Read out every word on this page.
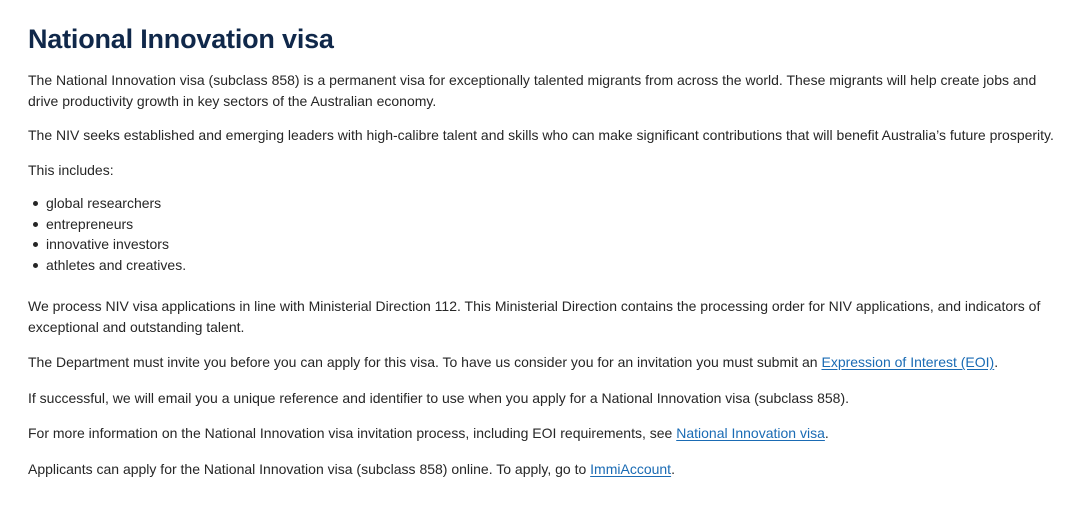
National Innovation visa

The National Innovation visa (subclass 858) is a permanent visa for exceptionally talented migrants from across the world. These migrants will help create jobs and drive productivity growth in key sectors of the Australian economy.

The NIV seeks established and emerging leaders with high-calibre talent and skills who can make significant contributions that will benefit Australia’s future prosperity.

This includes:

global researchers
entrepreneurs
innovative investors
athletes and creatives.

We process NIV visa applications in line with Ministerial Direction 112. This Ministerial Direction contains the processing order for NIV applications, and indicators of exceptional and outstanding talent.

The Department must invite you before you can apply for this visa. To have us consider you for an invitation you must submit an Expression of Interest (EOI).

If successful, we will email you a unique reference and identifier to use when you apply for a National Innovation visa (subclass 858).

For more information on the National Innovation visa invitation process, including EOI requirements, see National Innovation visa.

Applicants can apply for the National Innovation visa (subclass 858) online. To apply, go to ImmiAccount.
